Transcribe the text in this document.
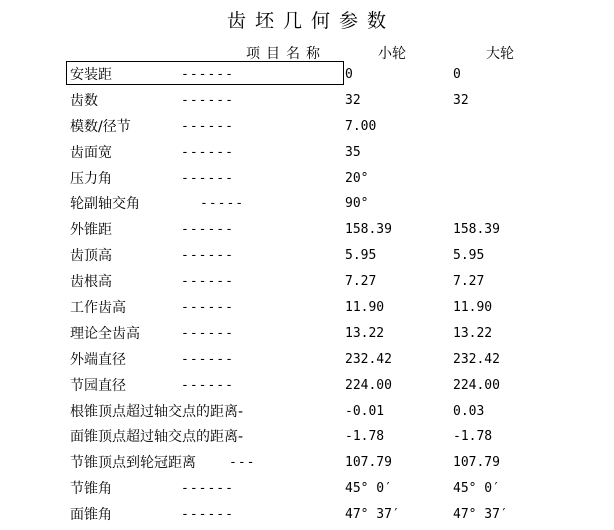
齿坯几何参数
项目名称	小轮	大轮
安装距	------	0	0
齿数	------	32	32
模数/径节	------	7.00
齿面宽	------	35
压力角	------	20°
轮副轴交角	-----	90°
外锥距	------	158.39	158.39
齿顶高	------	5.95	5.95
齿根高	------	7.27	7.27
工作齿高	------	11.90	11.90
理论全齿高	------	13.22	13.22
外端直径	------	232.42	232.42
节园直径	------	224.00	224.00
根锥顶点超过轴交点的距离-	-0.01	0.03
面锥顶点超过轴交点的距离-	-1.78	-1.78
节锥顶点到轮冠距离	---	107.79	107.79
节锥角	------	45° 0′	45° 0′
面锥角	------	47° 37′	47° 37′
